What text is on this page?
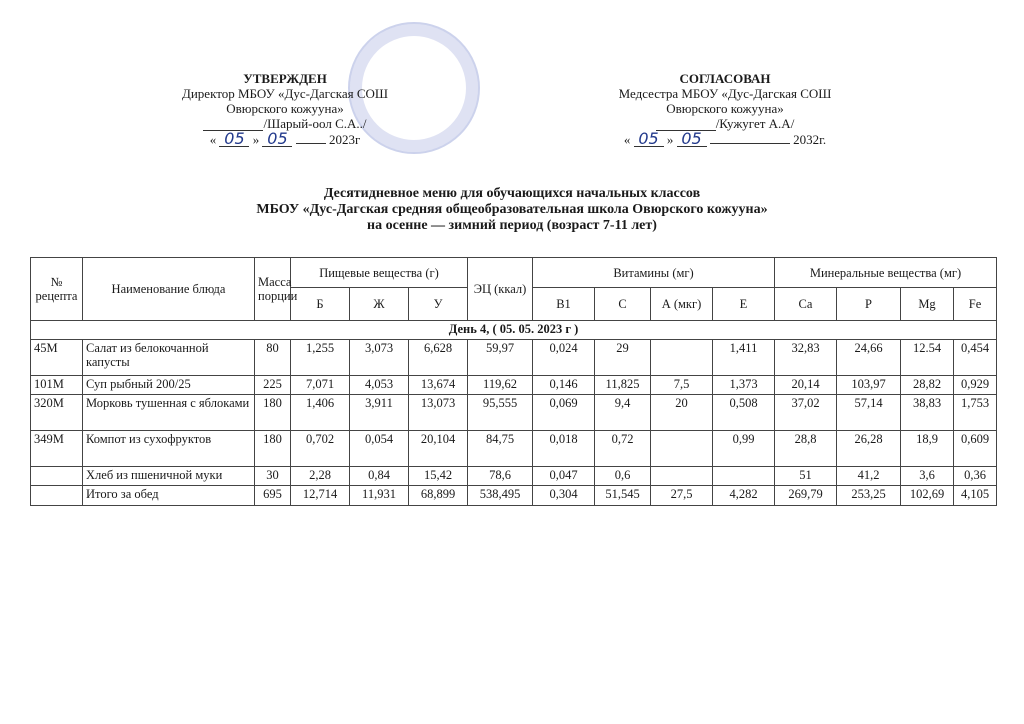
УТВЕРЖДЕН
Директор МБОУ «Дус-Дагская СОШ
Овюрского кожууна»
/Шарый-оол С.А../
« 05 » 05	2023г
СОГЛАСОВАН
Медсестра МБОУ «Дус-Дагская СОШ
Овюрского кожууна»
/Кужугет А.А/
« 05 » 05	2032г.
Десятидневное меню для обучающихся начальных классов
МБОУ «Дус-Дагская средняя общеобразовательная школа Овюрского кожууна»
на осенне — зимний период (возраст 7-11 лет)
№ рецепта	Наименование блюда	Масса порции	Пищевые вещества (г)			ЭЦ (ккал)	Витамины (мг)				Минеральные вещества (мг)			
			Б	Ж	У		В1	С	А (мкг)	Е	Са	Р	Mg	Fe
День 4, ( 05. 05. 2023 г )														
45М	Салат из белокочанной капусты	80	1,255	3,073	6,628	59,97	0,024	29		1,411	32,83	24,66	12.54	0,454
101М	Суп рыбный 200/25	225	7,071	4,053	13,674	119,62	0,146	11,825	7,5	1,373	20,14	103,97	28,82	0,929
320М	Морковь тушенная с яблоками	180	1,406	3,911	13,073	95,555	0,069	9,4	20	0,508	37,02	57,14	38,83	1,753
349М	Компот из сухофруктов	180	0,702	0,054	20,104	84,75	0,018	0,72		0,99	28,8	26,28	18,9	0,609
	Хлеб из пшеничной муки	30	2,28	0,84	15,42	78,6	0,047	0,6			51	41,2	3,6	0,36
	Итого за обед	695	12,714	11,931	68,899	538,495	0,304	51,545	27,5	4,282	269,79	253,25	102,69	4,105
